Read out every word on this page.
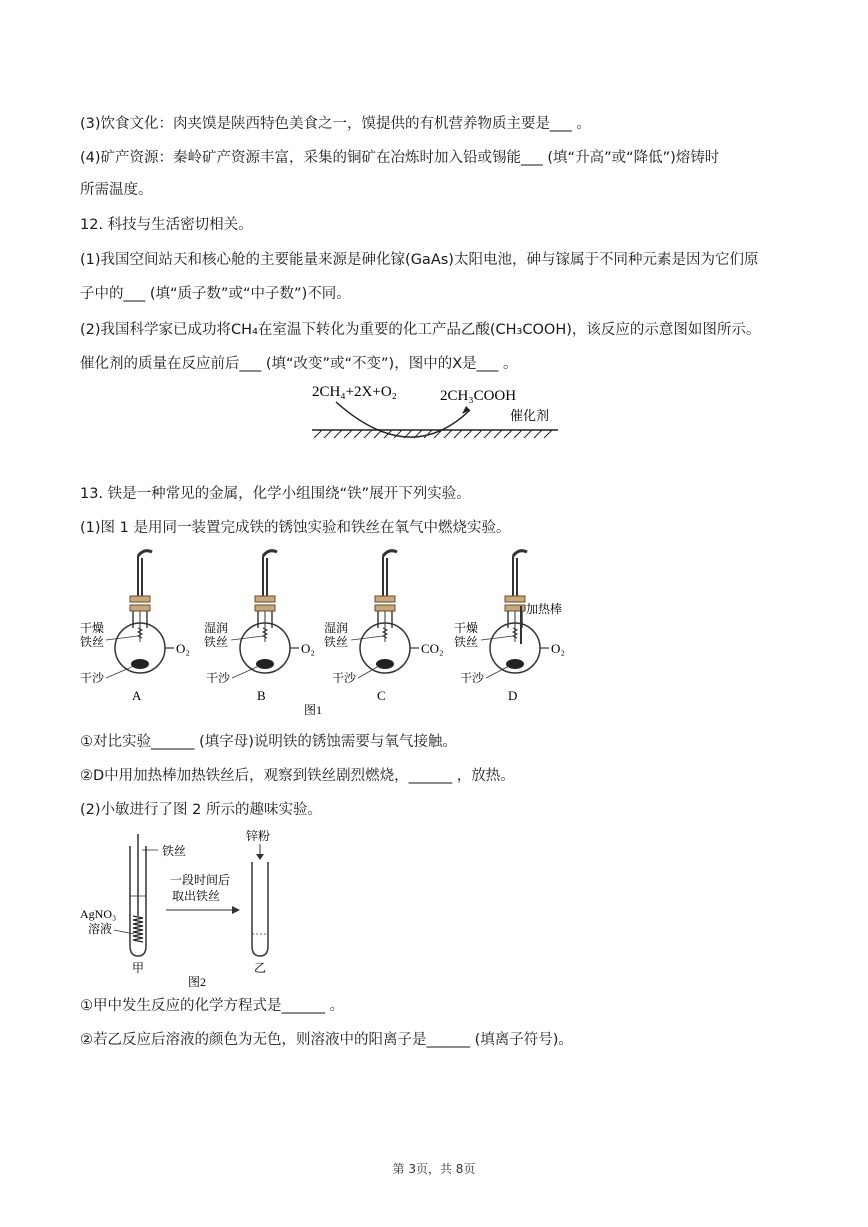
(3)饮食文化：肉夹馍是陕西特色美食之一，馍提供的有机营养物质主要是___ 。
(4)矿产资源：秦岭矿产资源丰富，采集的铜矿在冶炼时加入铅或锡能___ (填“升高”或“降低”)熔铸时
所需温度。
12. 科技与生活密切相关。
(1)我国空间站天和核心舱的主要能量来源是砷化镓(GaAs)太阳电池，砷与镓属于不同种元素是因为它们原
子中的___ (填“质子数”或“中子数”)不同。
(2)我国科学家已成功将CH₄在室温下转化为重要的化工产品乙酸(CH₃COOH)，该反应的示意图如图所示。
催化剂的质量在反应前后___ (填“改变”或“不变”)，图中的X是___ 。
2CH₄+2X+O₂	2CH₃COOH
催化剂
13. 铁是一种常见的金属，化学小组围绕“铁”展开下列实验。
(1)图 1 是用同一装置完成铁的锈蚀实验和铁丝在氧气中燃烧实验。
干燥
铁丝	O₂
干沙
A
湿润
铁丝	O₂
干沙
B
湿润
铁丝	CO₂
干沙
C
干燥
铁丝
加热棒
O₂
干沙
D
图1
①对比实验______ (填字母)说明铁的锈蚀需要与氧气接触。
②D中用加热棒加热铁丝后，观察到铁丝剧烈燃烧，______ ，放热。
(2)小敏进行了图 2 所示的趣味实验。
铁丝
AgNO₃
溶液
甲
一段时间后
取出铁丝
锌粉
乙
图2
①甲中发生反应的化学方程式是______ 。
②若乙反应后溶液的颜色为无色，则溶液中的阳离子是______ (填离子符号)。
第 3页，共 8页
